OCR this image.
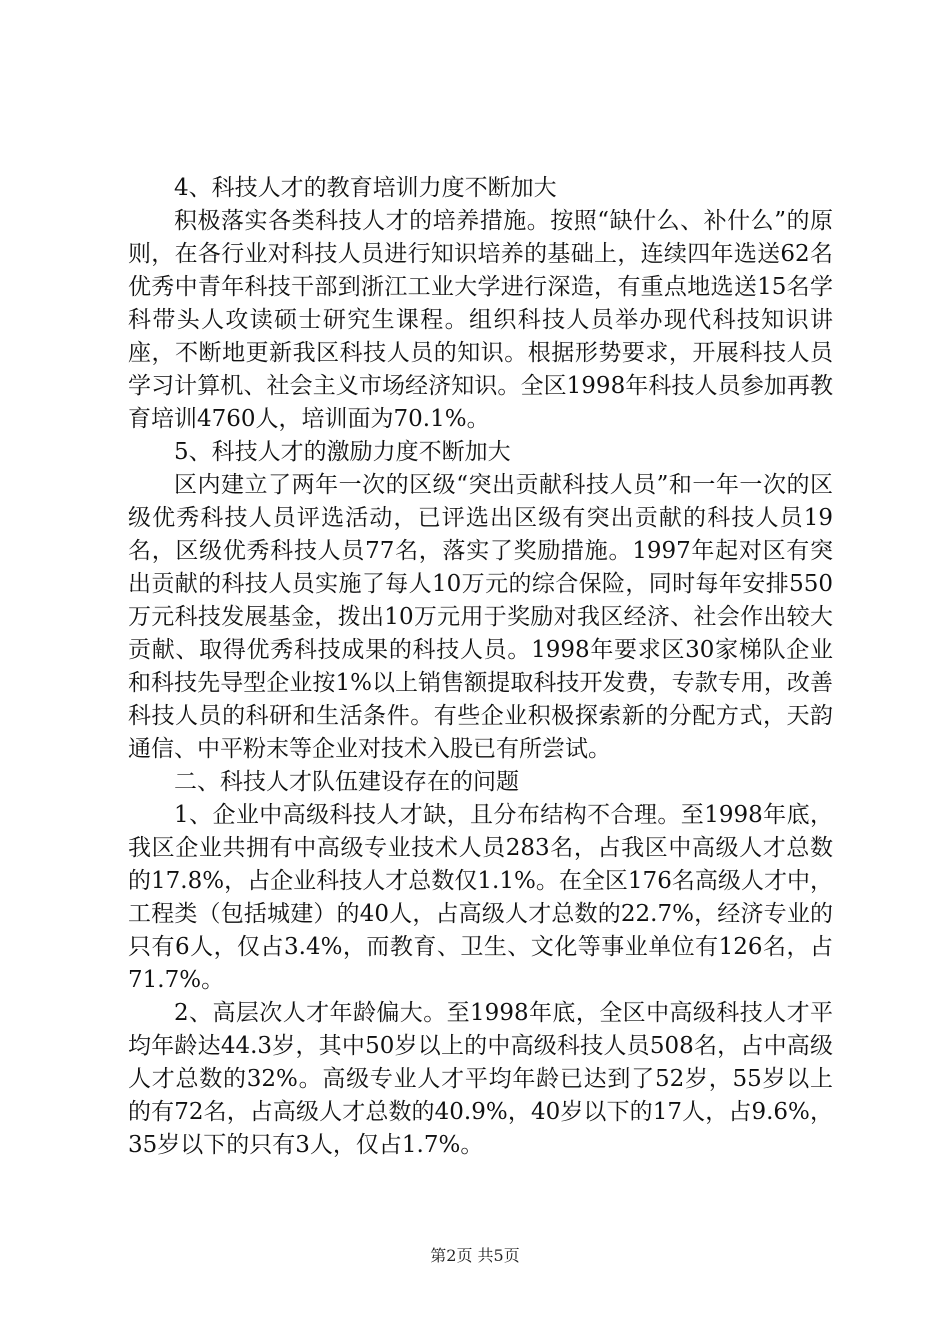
4、科技人才的教育培训力度不断加大

积极落实各类科技人才的培养措施。按照“缺什么、补什么”的原则，在各行业对科技人员进行知识培养的基础上，连续四年选送62名优秀中青年科技干部到浙江工业大学进行深造，有重点地选送15名学科带头人攻读硕士研究生课程。组织科技人员举办现代科技知识讲座，不断地更新我区科技人员的知识。根据形势要求，开展科技人员学习计算机、社会主义市场经济知识。全区1998年科技人员参加再教育培训4760人，培训面为70.1%。

5、科技人才的激励力度不断加大

区内建立了两年一次的区级“突出贡献科技人员”和一年一次的区级优秀科技人员评选活动，已评选出区级有突出贡献的科技人员19名，区级优秀科技人员77名，落实了奖励措施。1997年起对区有突出贡献的科技人员实施了每人10万元的综合保险，同时每年安排550万元科技发展基金，拨出10万元用于奖励对我区经济、社会作出较大贡献、取得优秀科技成果的科技人员。1998年要求区30家梯队企业和科技先导型企业按1%以上销售额提取科技开发费，专款专用，改善科技人员的科研和生活条件。有些企业积极探索新的分配方式，天韵通信、中平粉末等企业对技术入股已有所尝试。

二、科技人才队伍建设存在的问题

1、企业中高级科技人才缺，且分布结构不合理。至1998年底，我区企业共拥有中高级专业技术人员283名，占我区中高级人才总数的17.8%，占企业科技人才总数仅1.1%。在全区176名高级人才中，工程类（包括城建）的40人，占高级人才总数的22.7%，经济专业的只有6人，仅占3.4%，而教育、卫生、文化等事业单位有126名，占71.7%。

2、高层次人才年龄偏大。至1998年底，全区中高级科技人才平均年龄达44.3岁，其中50岁以上的中高级科技人员508名，占中高级人才总数的32%。高级专业人才平均年龄已达到了52岁，55岁以上的有72名，占高级人才总数的40.9%，40岁以下的17人，占9.6%，35岁以下的只有3人，仅占1.7%。

第2页 共5页
